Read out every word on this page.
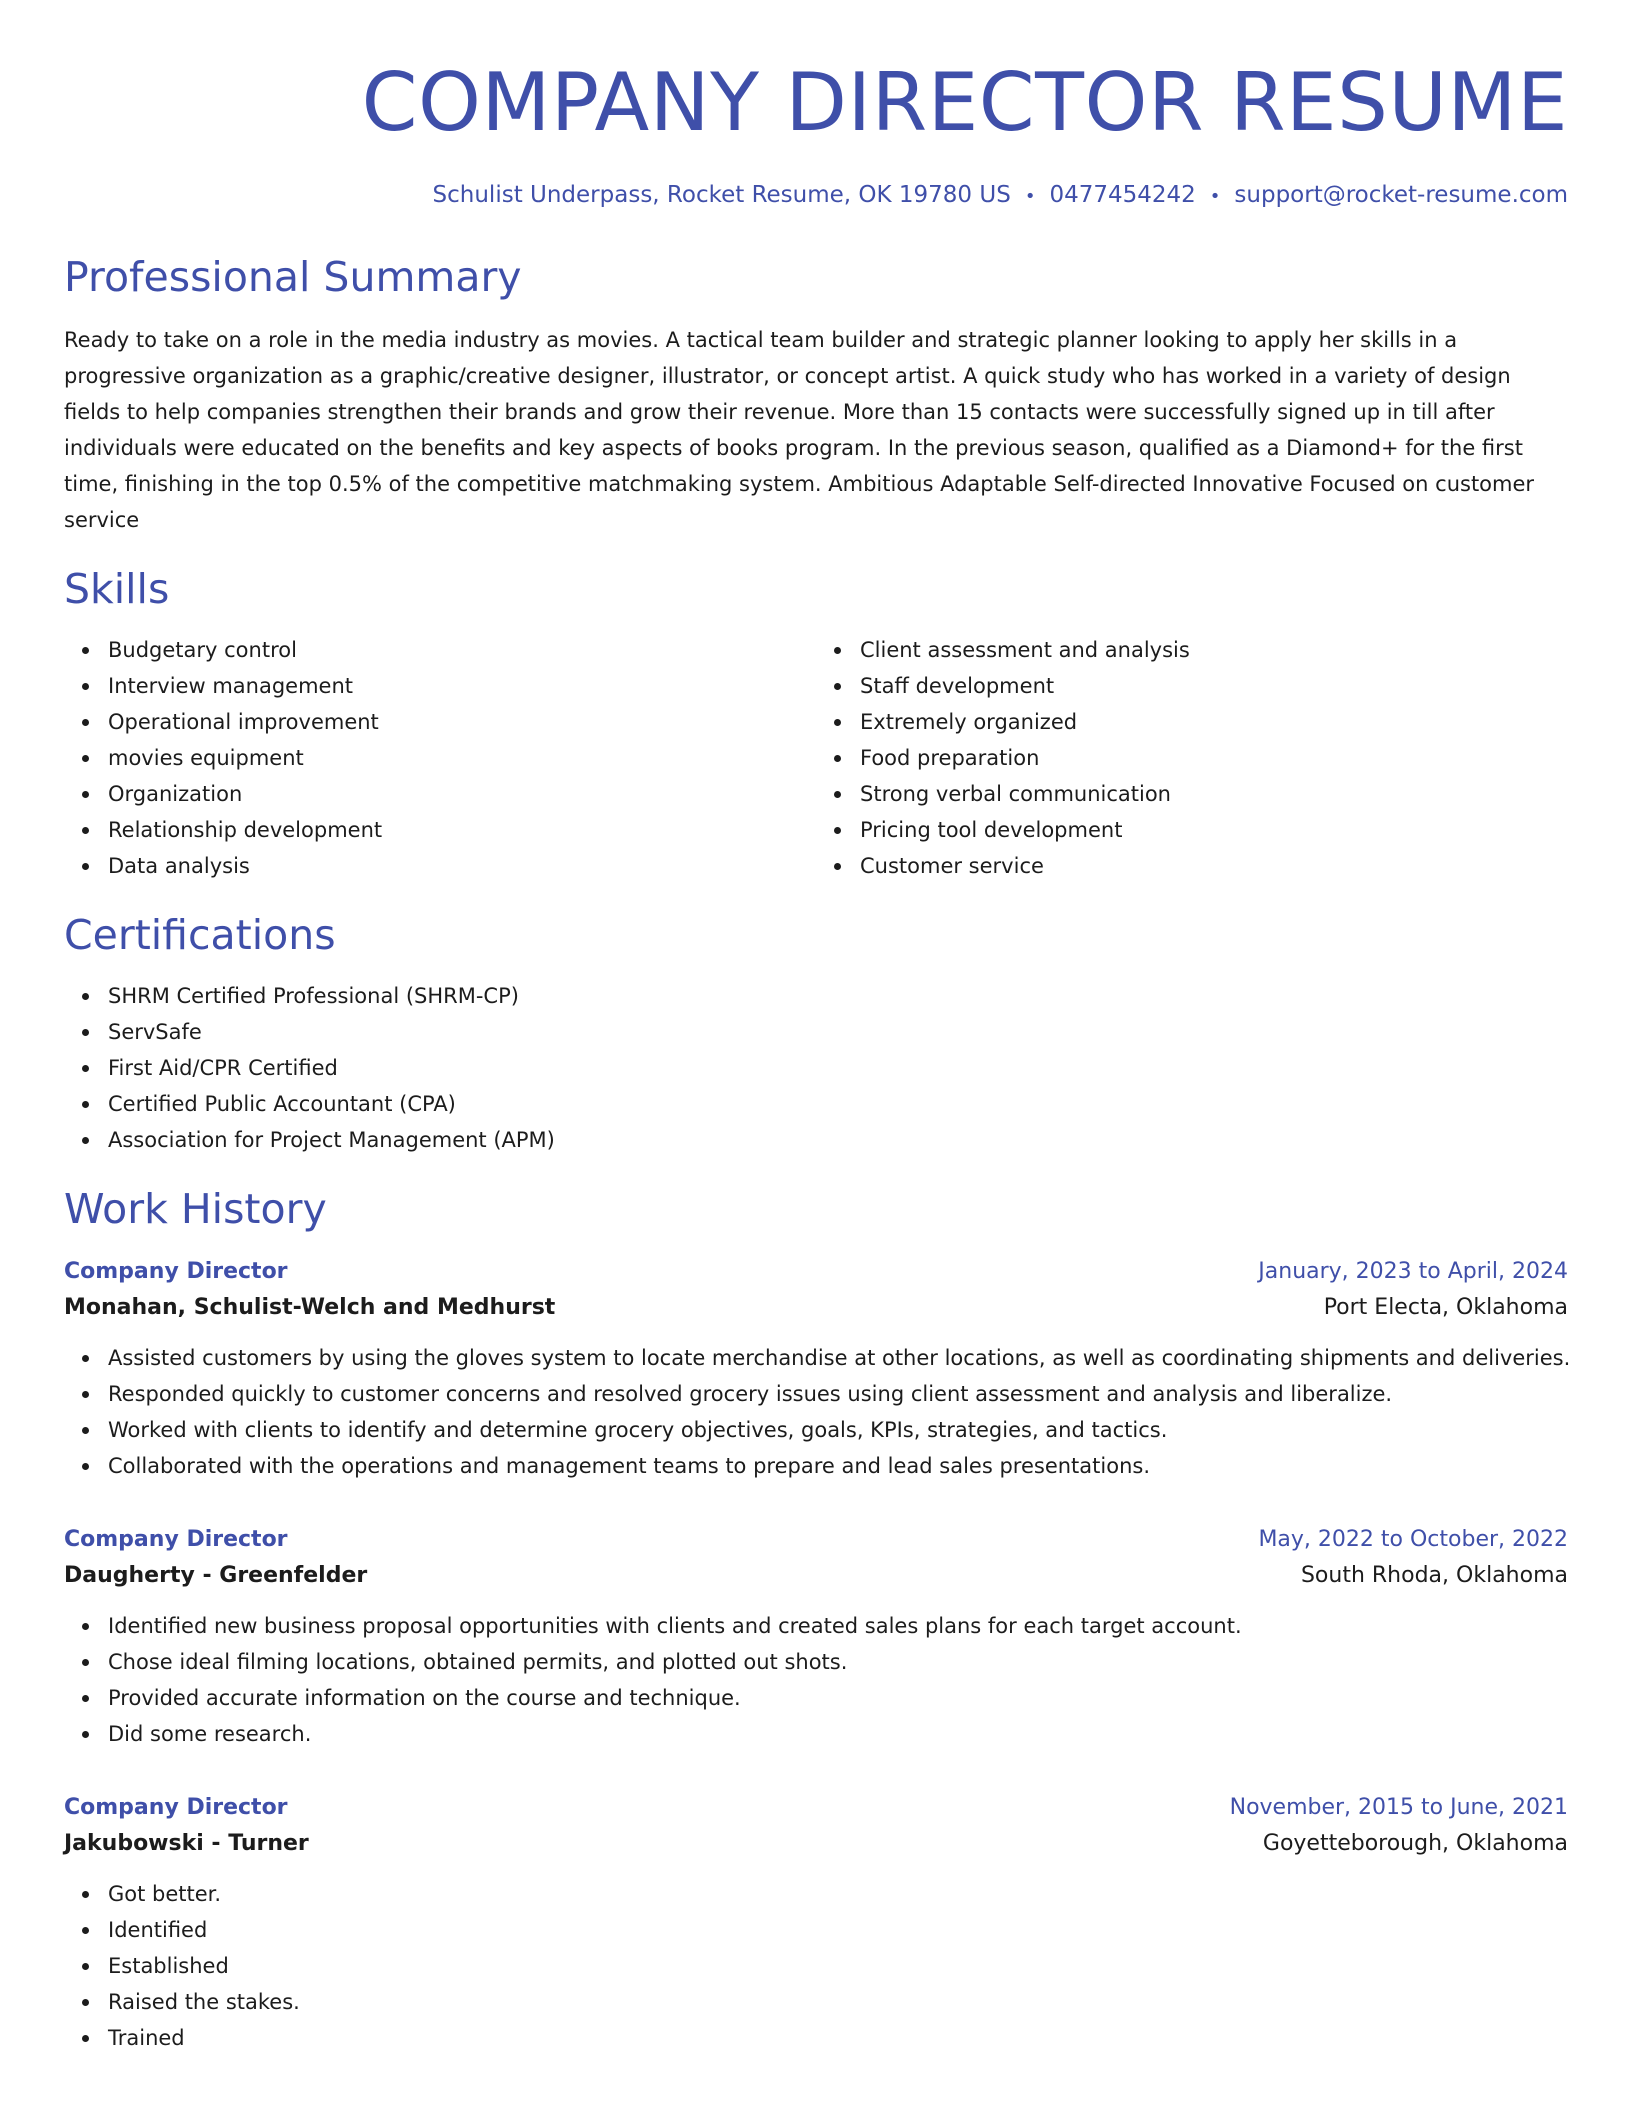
COMPANY DIRECTOR RESUME
Schulist Underpass, Rocket Resume, OK 19780 US • 0477454242 • support@rocket-resume.com
Professional Summary

Ready to take on a role in the media industry as movies. A tactical team builder and strategic planner looking to apply her skills in a progressive organization as a graphic/creative designer, illustrator, or concept artist. A quick study who has worked in a variety of design fields to help companies strengthen their brands and grow their revenue. More than 15 contacts were successfully signed up in till after individuals were educated on the benefits and key aspects of books program. In the previous season, qualified as a Diamond+ for the first time, finishing in the top 0.5% of the competitive matchmaking system. Ambitious Adaptable Self-directed Innovative Focused on customer service

Skills
Budgetary control
Interview management
Operational improvement
movies equipment
Organization
Relationship development
Data analysis
Client assessment and analysis
Staff development
Extremely organized
Food preparation
Strong verbal communication
Pricing tool development
Customer service
Certifications
SHRM Certified Professional (SHRM-CP)
ServSafe
First Aid/CPR Certified
Certified Public Accountant (CPA)
Association for Project Management (APM)
Work History
Company Director	January, 2023 to April, 2024
Monahan, Schulist-Welch and Medhurst	Port Electa, Oklahoma
Assisted customers by using the gloves system to locate merchandise at other locations, as well as coordinating shipments and deliveries.
Responded quickly to customer concerns and resolved grocery issues using client assessment and analysis and liberalize.
Worked with clients to identify and determine grocery objectives, goals, KPIs, strategies, and tactics.
Collaborated with the operations and management teams to prepare and lead sales presentations.
Company Director	May, 2022 to October, 2022
Daugherty - Greenfelder	South Rhoda, Oklahoma
Identified new business proposal opportunities with clients and created sales plans for each target account.
Chose ideal filming locations, obtained permits, and plotted out shots.
Provided accurate information on the course and technique.
Did some research.
Company Director	November, 2015 to June, 2021
Jakubowski - Turner	Goyetteborough, Oklahoma
Got better.
Identified
Established
Raised the stakes.
Trained
